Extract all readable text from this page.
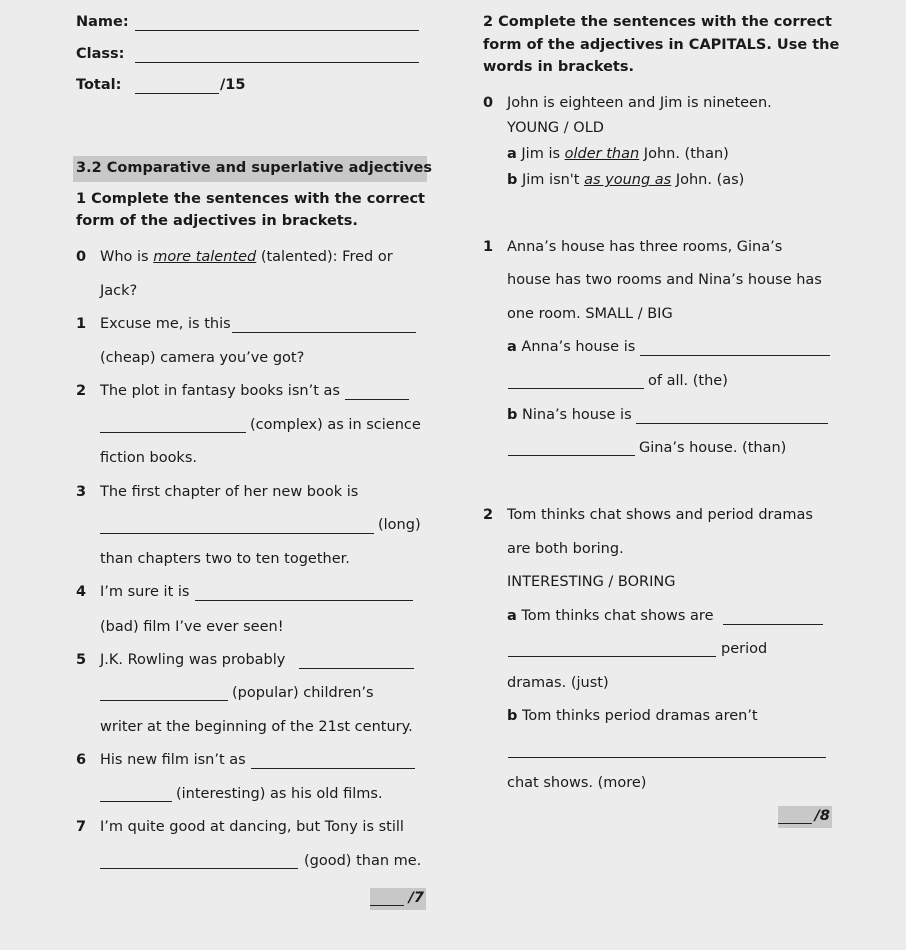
Name:
Class:
Total:	/15
3.2 Comparative and superlative adjectives
1 Complete the sentences with the correct
form of the adjectives in brackets.
0 Who is more talented (talented): Fred or
Jack?
1 Excuse me, is this
(cheap) camera you’ve got?
2 The plot in fantasy books isn’t as
(complex) as in science
fiction books.
3 The first chapter of her new book is
(long)
than chapters two to ten together.
4 I’m sure it is
(bad) film I’ve ever seen!
5 J.K. Rowling was probably
(popular) children’s
writer at the beginning of the 21st century.
6 His new film isn’t as
(interesting) as his old films.
7 I’m quite good at dancing, but Tony is still
(good) than me.
/7
2 Complete the sentences with the correct
form of the adjectives in CAPITALS. Use the
words in brackets.
0 John is eighteen and Jim is nineteen.
YOUNG / OLD
a Jim is older than John. (than)
b Jim isn't as young as John. (as)
1 Anna’s house has three rooms, Gina’s
house has two rooms and Nina’s house has
one room. SMALL / BIG
a Anna’s house is
of all. (the)
b Nina’s house is
Gina’s house. (than)
2 Tom thinks chat shows and period dramas
are both boring.
INTERESTING / BORING
a Tom thinks chat shows are
period
dramas. (just)
b Tom thinks period dramas aren’t
chat shows. (more)
/8
